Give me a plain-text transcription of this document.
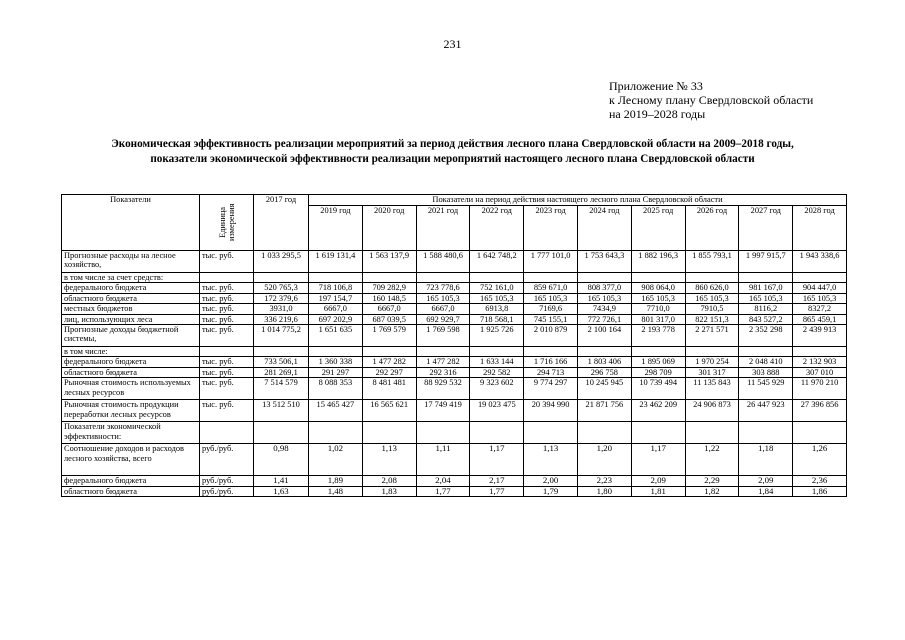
231
Приложение № 33
к Лесному плану Свердловской области
на 2019–2028 годы
Экономическая эффективность реализации мероприятий за период действия лесного плана Свердловской области на 2009–2018 годы, показатели экономической эффективности реализации мероприятий настоящего лесного плана Свердловской области
Показатели	Единица измерения	2017 год	Показатели на период действия настоящего лесного плана Свердловской области									
			2019 год	2020 год	2021 год	2022 год	2023 год	2024 год	2025 год	2026 год	2027 год	2028 год
Прогнозные расходы на лесное хозяйство,	тыс. руб.	1 033 295,5	1 619 131,4	1 563 137,9	1 588 480,6	1 642 748,2	1 777 101,0	1 753 643,3	1 882 196,3	1 855 793,1	1 997 915,7	1 943 338,6
в том числе за счет средств:												
федерального бюджета	тыс. руб.	520 765,3	718 106,8	709 282,9	723 778,6	752 161,0	859 671,0	808 377,0	908 064,0	860 626,0	981 167,0	904 447,0
областного бюджета	тыс. руб.	172 379,6	197 154,7	160 148,5	165 105,3	165 105,3	165 105,3	165 105,3	165 105,3	165 105,3	165 105,3	165 105,3
местных бюджетов	тыс. руб.	3931,0	6667,0	6667,0	6667,0	6913,8	7169,6	7434,9	7710,0	7910,5	8116,2	8327,2
лиц, использующих леса	тыс. руб.	336 219,6	697 202,9	687 039,5	692 929,7	718 568,1	745 155,1	772 726,1	801 317,0	822 151,3	843 527,2	865 459,1
Прогнозные доходы бюджетной системы,	тыс. руб.	1 014 775,2	1 651 635	1 769 579	1 769 598	1 925 726	2 010 879	2 100 164	2 193 778	2 271 571	2 352 298	2 439 913
в том числе:												
федерального бюджета	тыс. руб.	733 506,1	1 360 338	1 477 282	1 477 282	1 633 144	1 716 166	1 803 406	1 895 069	1 970 254	2 048 410	2 132 903
областного бюджета	тыс. руб.	281 269,1	291 297	292 297	292 316	292 582	294 713	296 758	298 709	301 317	303 888	307 010
Рыночная стоимость используемых лесных ресурсов	тыс. руб.	7 514 579	8 088 353	8 481 481	88 929 532	9 323 602	9 774 297	10 245 945	10 739 494	11 135 843	11 545 929	11 970 210
Рыночная стоимость продукции переработки лесных ресурсов	тыс. руб.	13 512 510	15 465 427	16 565 621	17 749 419	19 023 475	20 394 990	21 871 756	23 462 209	24 906 873	26 447 923	27 396 856
Показатели экономической эффективности:												
Соотношение доходов и расходов лесного хозяйства, всего	руб./руб.	0,98	1,02	1,13	1,11	1,17	1,13	1,20	1,17	1,22	1,18	1,26
федерального бюджета	руб./руб.	1,41	1,89	2,08	2,04	2,17	2,00	2,23	2,09	2,29	2,09	2,36
областного бюджета	руб./руб.	1,63	1,48	1,83	1,77	1,77	1,79	1,80	1,81	1,82	1,84	1,86
